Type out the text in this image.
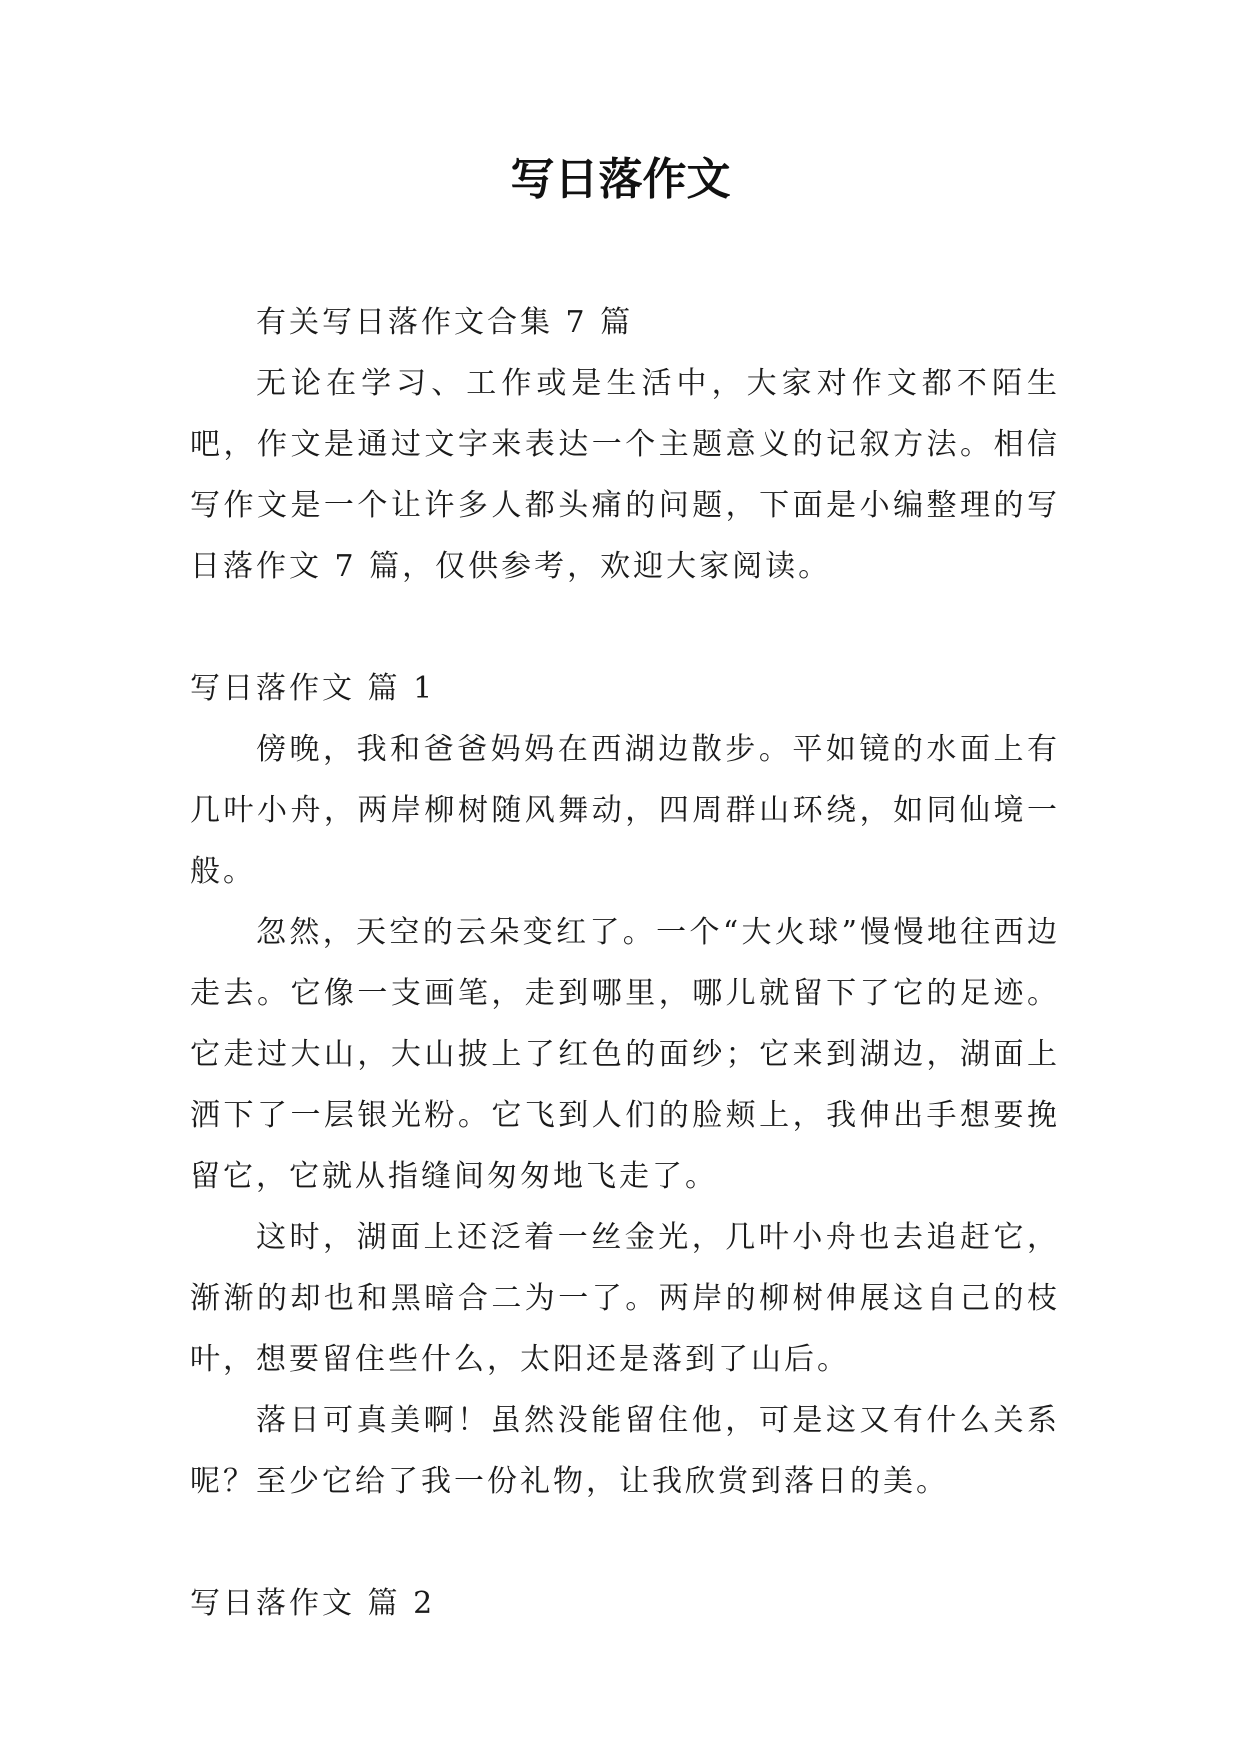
写日落作文

有关写日落作文合集 7 篇

无论在学习、工作或是生活中，大家对作文都不陌生吧，作文是通过文字来表达一个主题意义的记叙方法。相信写作文是一个让许多人都头痛的问题，下面是小编整理的写日落作文 7 篇，仅供参考，欢迎大家阅读。

写日落作文 篇 1

傍晚，我和爸爸妈妈在西湖边散步。平如镜的水面上有几叶小舟，两岸柳树随风舞动，四周群山环绕，如同仙境一般。

忽然，天空的云朵变红了。一个“大火球”慢慢地往西边走去。它像一支画笔，走到哪里，哪儿就留下了它的足迹。它走过大山，大山披上了红色的面纱；它来到湖边，湖面上洒下了一层银光粉。它飞到人们的脸颊上，我伸出手想要挽留它，它就从指缝间匆匆地飞走了。

这时，湖面上还泛着一丝金光，几叶小舟也去追赶它，渐渐的却也和黑暗合二为一了。两岸的柳树伸展这自己的枝叶，想要留住些什么，太阳还是落到了山后。

落日可真美啊！虽然没能留住他，可是这又有什么关系呢？至少它给了我一份礼物，让我欣赏到落日的美。

写日落作文 篇 2
